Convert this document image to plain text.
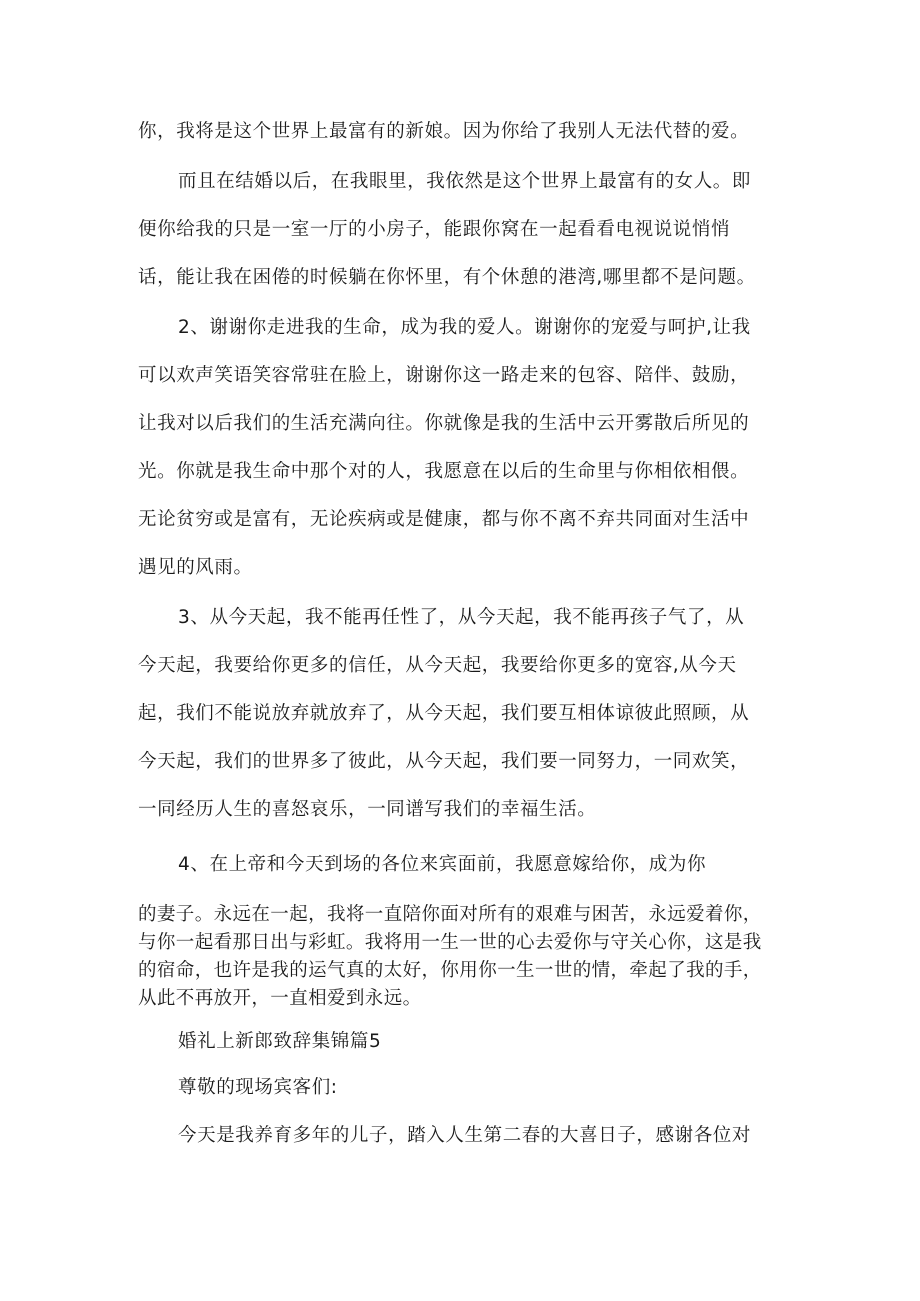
你，我将是这个世界上最富有的新娘。因为你给了我别人无法代替的爱。
而且在结婚以后，在我眼里，我依然是这个世界上最富有的女人。即
便你给我的只是一室一厅的小房子，能跟你窝在一起看看电视说说悄悄
话，能让我在困倦的时候躺在你怀里，有个休憩的港湾,哪里都不是问题。
2、谢谢你走进我的生命，成为我的爱人。谢谢你的宠爱与呵护,让我
可以欢声笑语笑容常驻在脸上，谢谢你这一路走来的包容、陪伴、鼓励，
让我对以后我们的生活充满向往。你就像是我的生活中云开雾散后所见的
光。你就是我生命中那个对的人，我愿意在以后的生命里与你相依相偎。
无论贫穷或是富有，无论疾病或是健康，都与你不离不弃共同面对生活中
遇见的风雨。
3、从今天起，我不能再任性了，从今天起，我不能再孩子气了，从
今天起，我要给你更多的信任，从今天起，我要给你更多的宽容,从今天
起，我们不能说放弃就放弃了，从今天起，我们要互相体谅彼此照顾，从
今天起，我们的世界多了彼此，从今天起，我们要一同努力，一同欢笑，
一同经历人生的喜怒哀乐，一同谱写我们的幸福生活。
4、在上帝和今天到场的各位来宾面前，我愿意嫁给你，成为你
的妻子。永远在一起，我将一直陪你面对所有的艰难与困苦，永远爱着你，
与你一起看那日出与彩虹。我将用一生一世的心去爱你与守关心你，这是我
的宿命，也许是我的运气真的太好，你用你一生一世的情，牵起了我的手，
从此不再放开，一直相爱到永远。
婚礼上新郎致辞集锦篇5
尊敬的现场宾客们:
今天是我养育多年的儿子，踏入人生第二春的大喜日子，感谢各位对
